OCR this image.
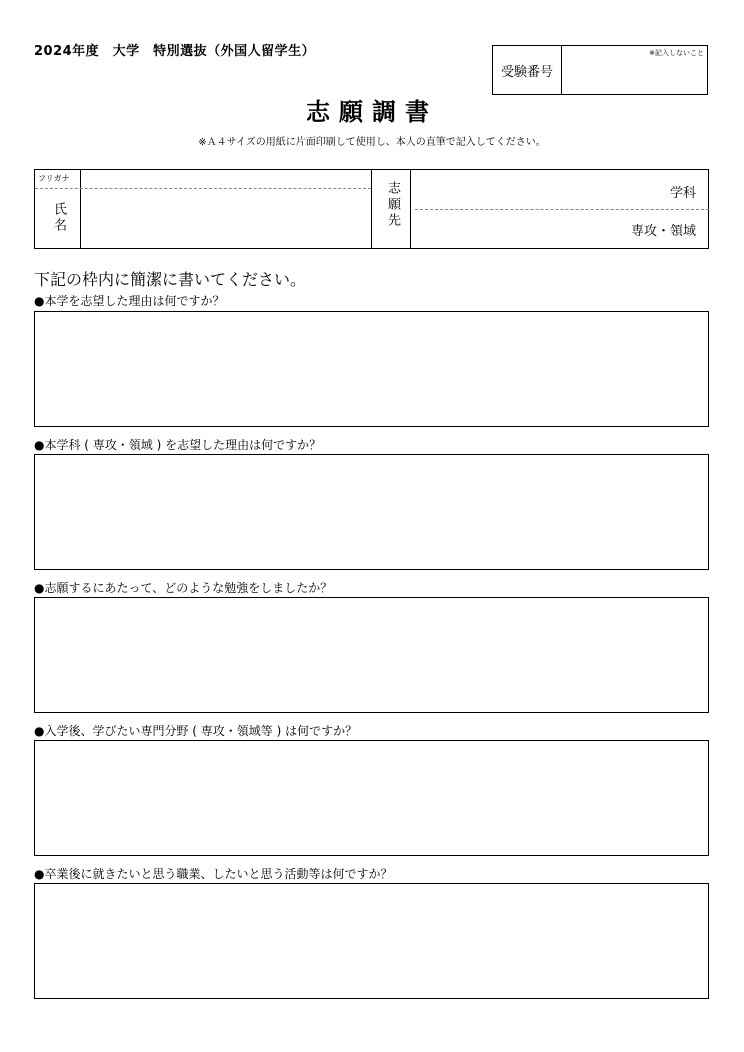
2024年度　大学　特別選抜（外国人留学生）
受験番号
※記入しないこと
志願調書
※Ａ４サイズの用紙に片面印刷して使用し、本人の直筆で記入してください。
フリガナ
氏名	志願先	学科
専攻・領域
下記の枠内に簡潔に書いてください。
●本学を志望した理由は何ですか？
●本学科 ( 専攻・領域 ) を志望した理由は何ですか？
●志願するにあたって、どのような勉強をしましたか？
●入学後、学びたい専門分野 ( 専攻・領域等 ) は何ですか？
●卒業後に就きたいと思う職業、したいと思う活動等は何ですか？
